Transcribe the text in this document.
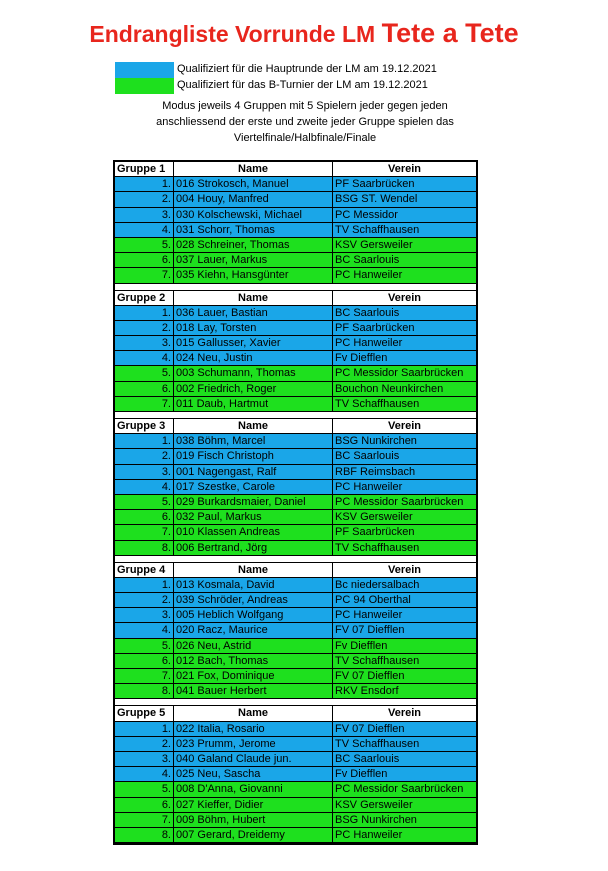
Endrangliste Vorrunde LM Tete a Tete
Qualifiziert für die Hauptrunde der LM am 19.12.2021
Qualifiziert für das B-Turnier der LM am 19.12.2021
Modus jeweils 4 Gruppen mit 5 Spielern jeder gegen jeden
anschliessend der erste und zweite jeder Gruppe spielen das
Viertelfinale/Halbfinale/Finale
Gruppe 1	Name	Verein
1. 016 Strokosch, Manuel	PF Saarbrücken
2. 004 Houy, Manfred	BSG ST. Wendel
3. 030 Kolschewski, Michael	PC Messidor
4. 031 Schorr, Thomas	TV Schaffhausen
5. 028 Schreiner, Thomas	KSV Gersweiler
6. 037 Lauer, Markus	BC Saarlouis
7. 035 Kiehn, Hansgünter	PC Hanweiler
Gruppe 2	Name	Verein
1. 036 Lauer, Bastian	BC Saarlouis
2. 018 Lay, Torsten	PF Saarbrücken
3. 015 Gallusser, Xavier	PC Hanweiler
4. 024 Neu, Justin	Fv Diefflen
5. 003 Schumann, Thomas	PC Messidor Saarbrücken
6. 002 Friedrich, Roger	Bouchon Neunkirchen
7. 011 Daub, Hartmut	TV Schaffhausen
Gruppe 3	Name	Verein
1. 038 Böhm, Marcel	BSG Nunkirchen
2. 019 Fisch Christoph	BC Saarlouis
3. 001 Nagengast, Ralf	RBF Reimsbach
4. 017 Szestke, Carole	PC Hanweiler
5. 029 Burkardsmaier, Daniel	PC Messidor Saarbrücken
6. 032 Paul, Markus	KSV Gersweiler
7. 010 Klassen Andreas	PF Saarbrücken
8. 006 Bertrand, Jörg	TV Schaffhausen
Gruppe 4	Name	Verein
1. 013 Kosmala, David	Bc niedersalbach
2. 039 Schröder, Andreas	PC 94 Oberthal
3. 005 Heblich Wolfgang	PC Hanweiler
4. 020 Racz, Maurice	FV 07 Diefflen
5. 026 Neu, Astrid	Fv Diefflen
6. 012 Bach, Thomas	TV Schaffhausen
7. 021 Fox, Dominique	FV 07 Diefflen
8. 041 Bauer Herbert	RKV Ensdorf
Gruppe 5	Name	Verein
1. 022 Italia, Rosario	FV 07 Diefflen
2. 023 Prumm, Jerome	TV Schaffhausen
3. 040 Galand Claude jun.	BC Saarlouis
4. 025 Neu, Sascha	Fv Diefflen
5. 008 D'Anna, Giovanni	PC Messidor Saarbrücken
6. 027 Kieffer, Didier	KSV Gersweiler
7. 009 Böhm, Hubert	BSG Nunkirchen
8. 007 Gerard, Dreidemy	PC Hanweiler
